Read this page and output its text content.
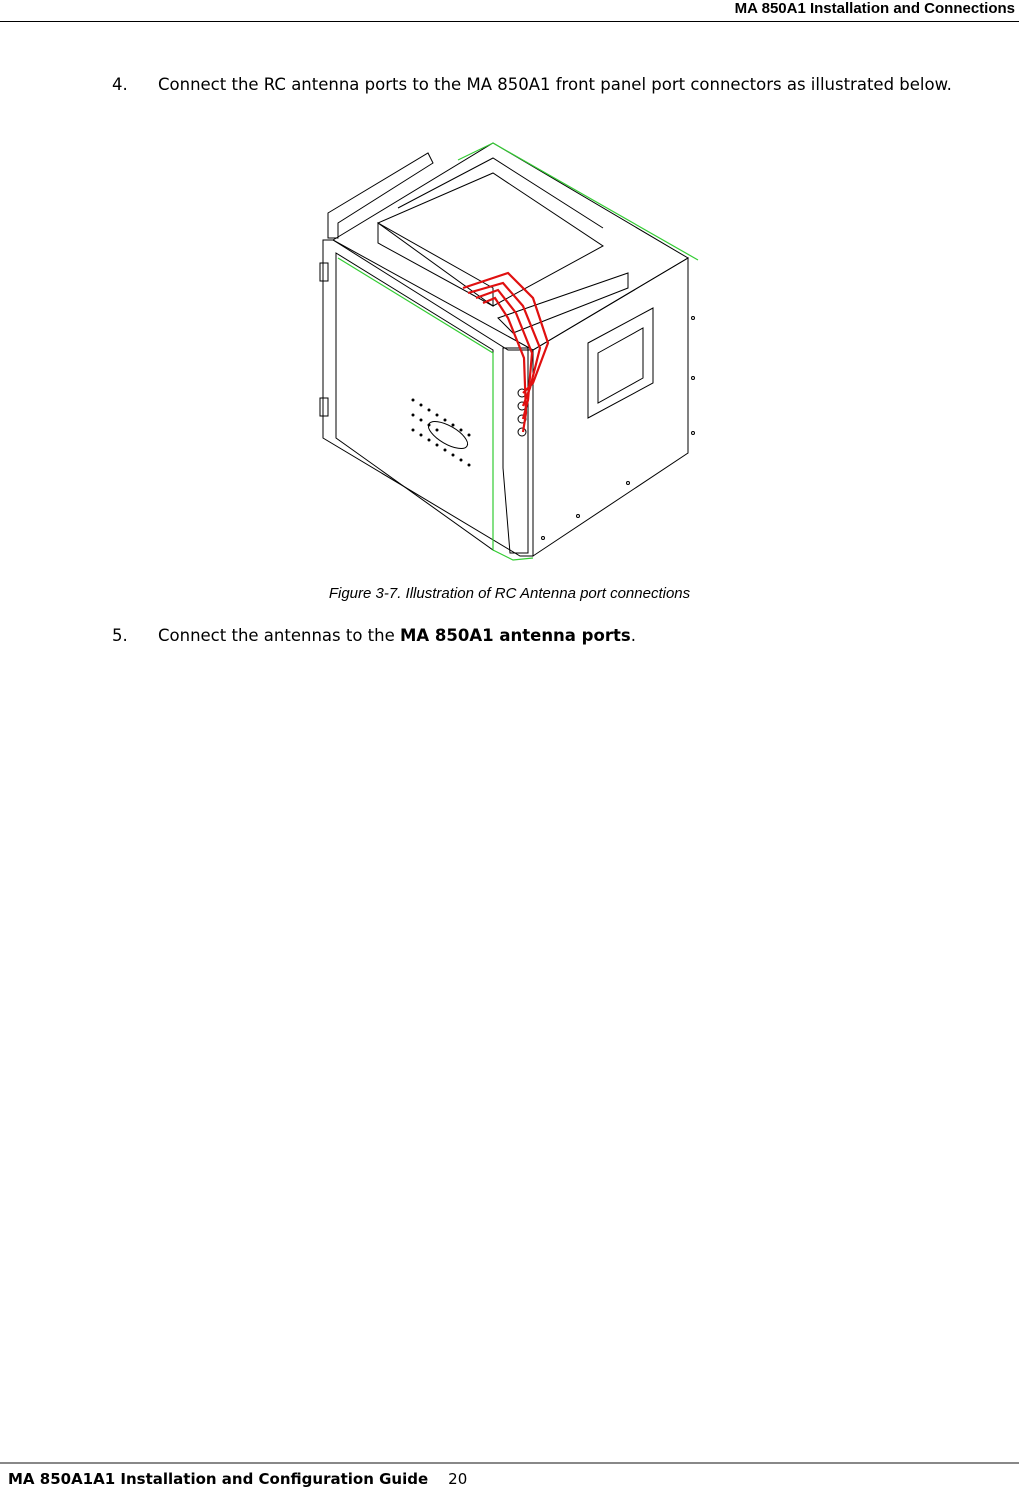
MA 850A1 Installation and Connections
4. Connect the RC antenna ports to the MA 850A1 front panel port connectors as illustrated below.
Figure 3-7. Illustration of RC Antenna port connections
5. Connect the antennas to the MA 850A1 antenna ports.
MA 850A1A1 Installation and Configuration Guide 20
